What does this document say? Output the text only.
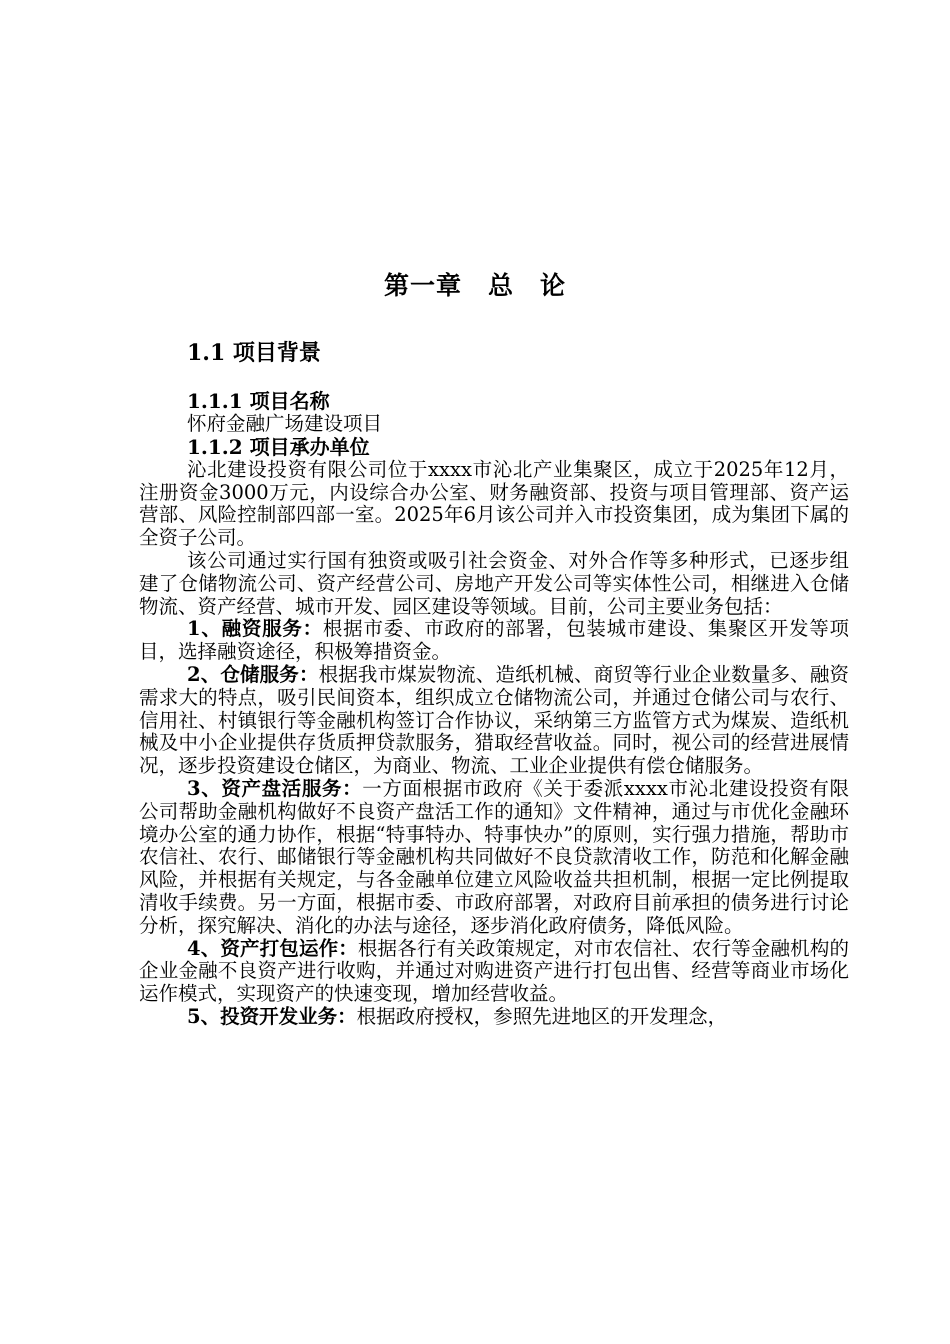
第一章　总　论
1.1 项目背景
1.1.1 项目名称
怀府金融广场建设项目
1.1.2 项目承办单位

沁北建设投资有限公司位于xxxx市沁北产业集聚区，成立于2025年12月，注册资金3000万元，内设综合办公室、财务融资部、投资与项目管理部、资产运营部、风险控制部四部一室。2025年6月该公司并入市投资集团，成为集团下属的全资子公司。

该公司通过实行国有独资或吸引社会资金、对外合作等多种形式，已逐步组建了仓储物流公司、资产经营公司、房地产开发公司等实体性公司，相继进入仓储物流、资产经营、城市开发、园区建设等领域。目前，公司主要业务包括：

1、融资服务：根据市委、市政府的部署，包装城市建设、集聚区开发等项目，选择融资途径，积极筹措资金。

2、仓储服务：根据我市煤炭物流、造纸机械、商贸等行业企业数量多、融资需求大的特点，吸引民间资本，组织成立仓储物流公司，并通过仓储公司与农行、信用社、村镇银行等金融机构签订合作协议，采纳第三方监管方式为煤炭、造纸机械及中小企业提供存货质押贷款服务，猎取经营收益。同时，视公司的经营进展情况，逐步投资建设仓储区，为商业、物流、工业企业提供有偿仓储服务。

3、资产盘活服务：一方面根据市政府《关于委派xxxx市沁北建设投资有限公司帮助金融机构做好不良资产盘活工作的通知》文件精神，通过与市优化金融环境办公室的通力协作，根据“特事特办、特事快办”的原则，实行强力措施，帮助市农信社、农行、邮储银行等金融机构共同做好不良贷款清收工作，防范和化解金融风险，并根据有关规定，与各金融单位建立风险收益共担机制，根据一定比例提取清收手续费。另一方面，根据市委、市政府部署，对政府目前承担的债务进行讨论分析，探究解决、消化的办法与途径，逐步消化政府债务，降低风险。

4、资产打包运作：根据各行有关政策规定，对市农信社、农行等金融机构的企业金融不良资产进行收购，并通过对购进资产进行打包出售、经营等商业市场化运作模式，实现资产的快速变现，增加经营收益。

5、投资开发业务：根据政府授权，参照先进地区的开发理念，
